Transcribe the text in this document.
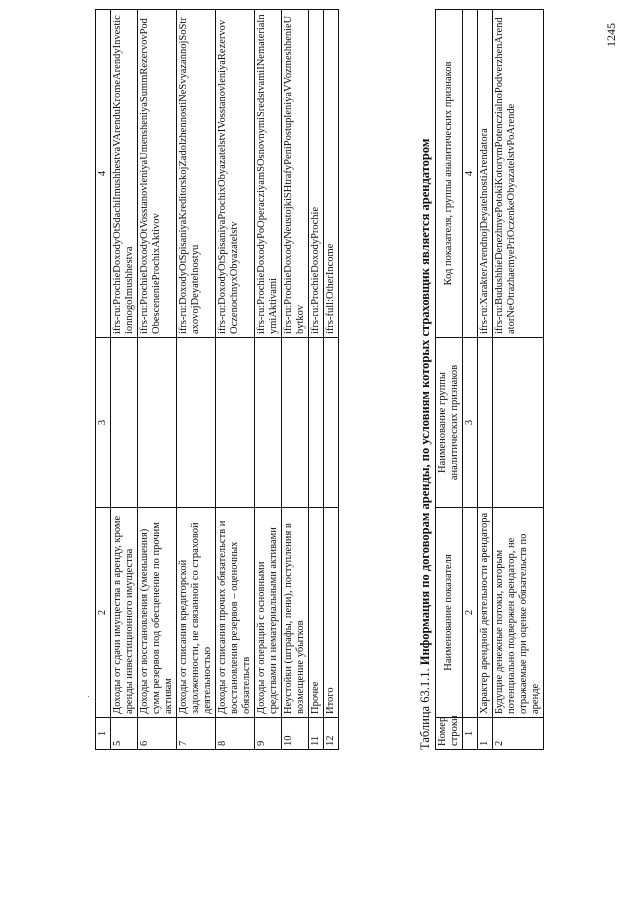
1	2	3	4
5	Доходы от сдачи имущества в аренду, кроме аренды инвестиционного имущества		ifrs-ru:ProchieDoxodyOtSdachiImushhestvaVArenduKromeArendyInvesticionnogoImushhestva
6	Доходы от восстановления (уменьшения) сумм резервов под обесценение по прочим активам		ifrs-ru:ProchieDoxodyOtVosstanovleniyaUmensheniyaSummRezervovPodObescenenieProchixAktivov
7	Доходы от списания кредиторской задолженности, не связанной со страховой деятельностью		ifrs-ru:DoxodyOtSpisaniyaKreditorskojZadolzhennostiNeSvyazannojSoStraxovojDeyatelnostyu
8	Доходы от списания прочих обязательств и восстановления резервов – оценочных обязательств		ifrs-ru:DoxodyOtSpisaniyaProchixObyazatelstvIVosstanovleniyaRezervovOczenochnyxObyazatelstv
9	Доходы от операций с основными средствами и нематериальными активами		ifrs-ru:ProchieDoxodyPoOperacziyamSOsnovnymiSredstvamiINematerialnymiAktivami
10	Неустойки (штрафы, пени), поступления в возмещение убытков		ifrs-ru:ProchieDoxodyNeustojkiSHtrafyPeniPostupleniyaVVozmeshhenieUbytkov
11	Прочее		ifrs-ru:ProchieDoxodyProchie
12	Итого		ifrs-full:OtherIncome
Таблица 63.1.1. Информация по договорам аренды, по условиям которых страховщик является арендатором
Номер строки	Наименование показателя	Наименование группы аналитических признаков	Код показателя, группы аналитических признаков
1	2	3	4
1	Характер арендной деятельности арендатора		ifrs-ru:XarakterArendnojDeyatelnostiArendatora
2	Будущие денежные потоки, которым потенциально подвержен арендатор, не отражаемые при оценке обязательств по аренде		ifrs-ru:BudushhieDenezhnyePotokiKotorymPotenczialnoPodverzhenArendatorNeOtrazhaemyePriOczenkeObyazatelstvPoArende
1245
